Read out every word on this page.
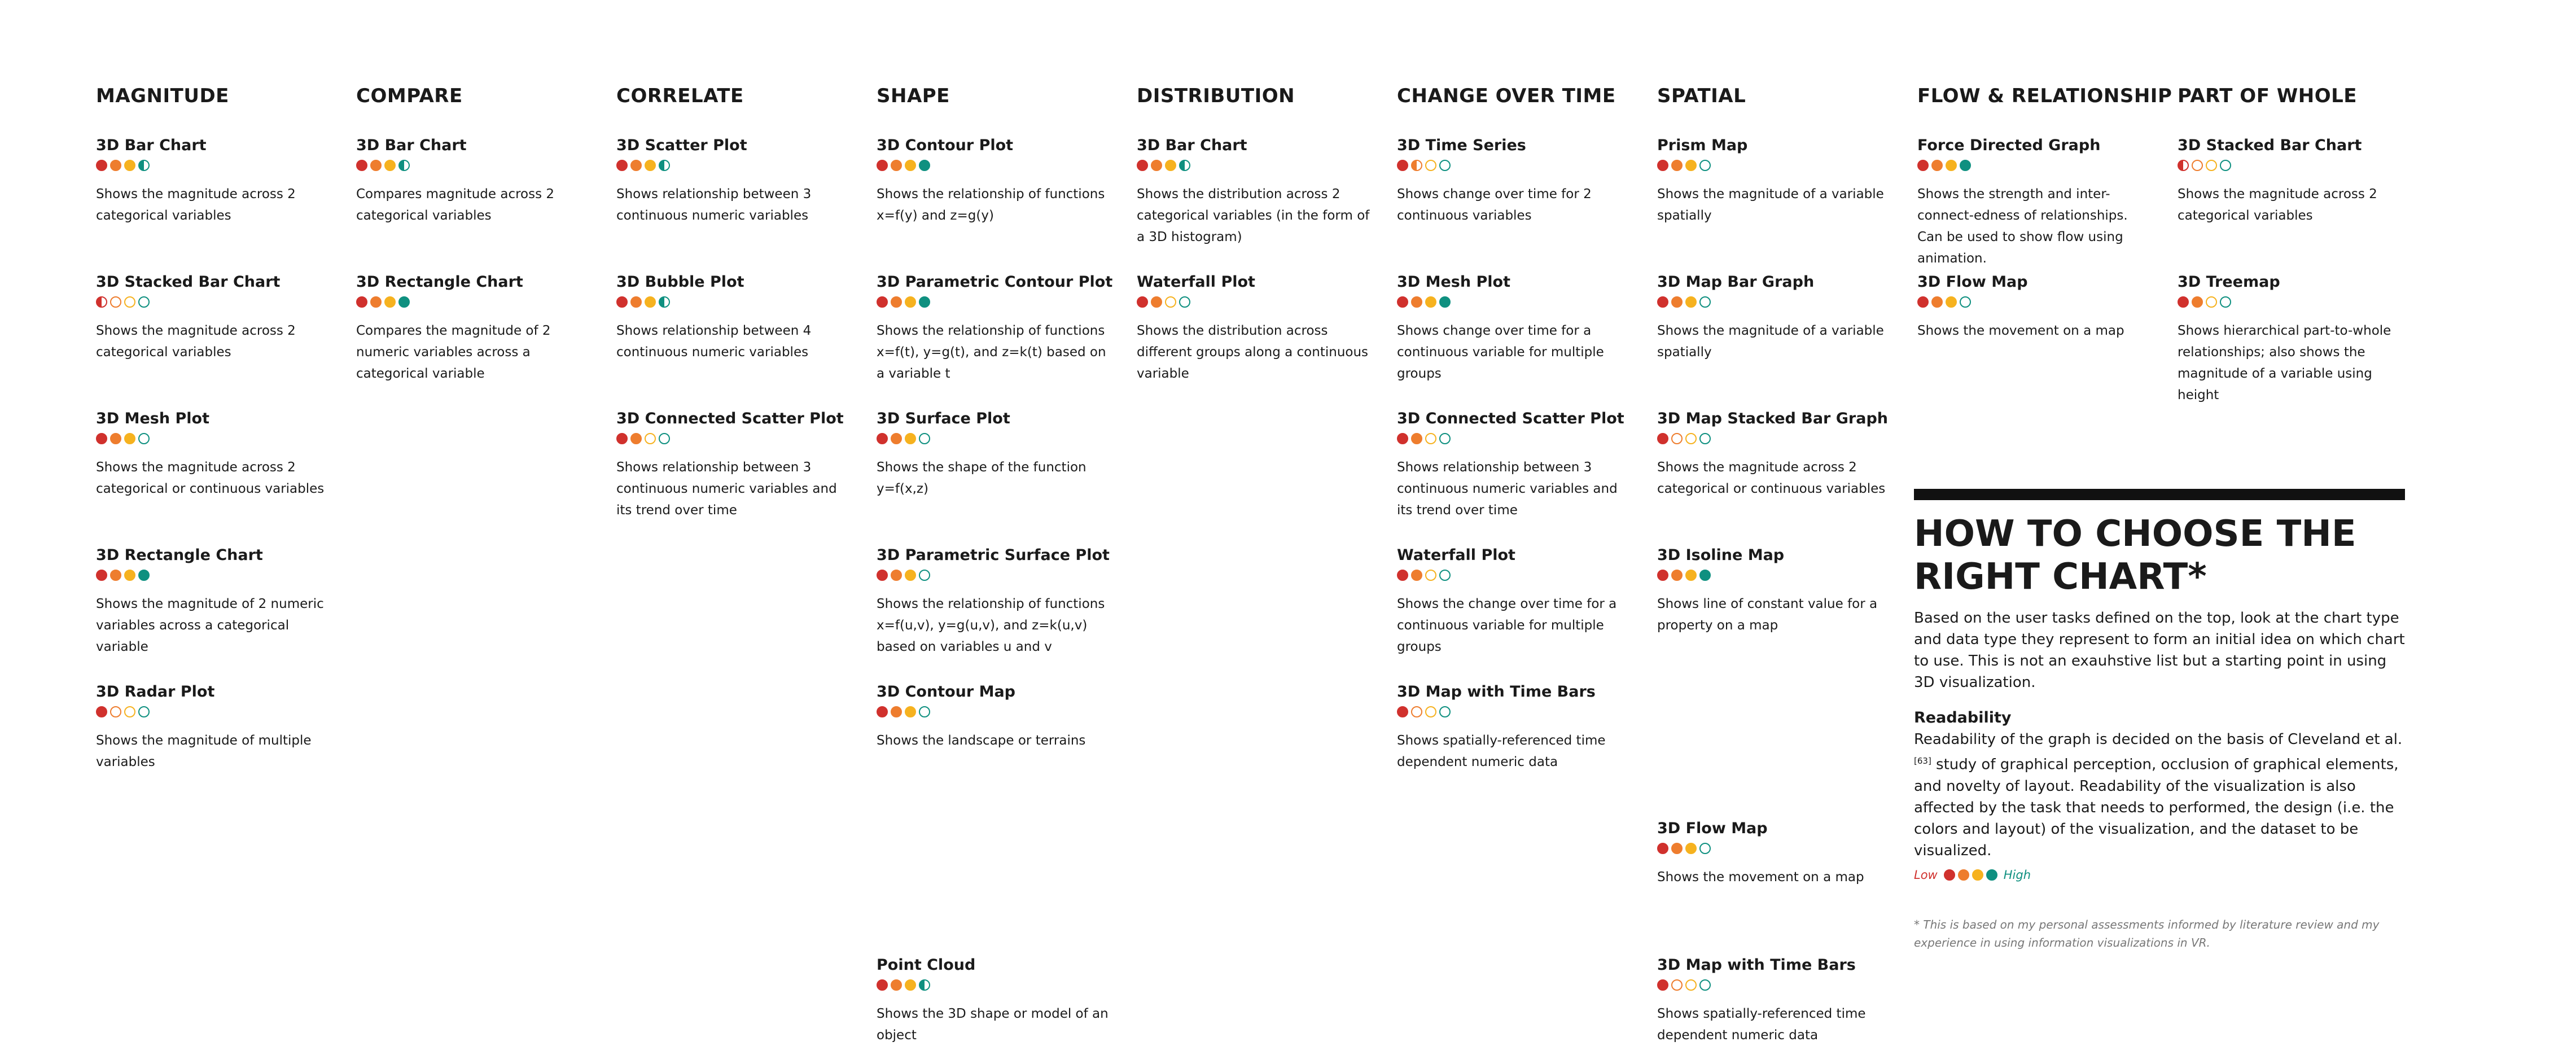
MAGNITUDE
3D Bar Chart
Shows the magnitude across 2 categorical variables
3D Stacked Bar Chart
Shows the magnitude across 2 categorical variables
3D Mesh Plot
Shows the magnitude across 2 categorical or continuous variables
3D Rectangle Chart
Shows the magnitude of 2 numeric variables across a categorical variable
3D Radar Plot
Shows the magnitude of multiple variables
COMPARE
3D Bar Chart
Compares magnitude across 2 categorical variables
3D Rectangle Chart
Compares the magnitude of 2 numeric variables across a categorical variable
CORRELATE
3D Scatter Plot
Shows relationship between 3 continuous numeric variables
3D Bubble Plot
Shows relationship between 4 continuous numeric variables
3D Connected Scatter Plot
Shows relationship between 3 continuous numeric variables and its trend over time
SHAPE
3D Contour Plot
Shows the relationship of functions x=f(y) and z=g(y)
3D Parametric Contour Plot
Shows the relationship of functions x=f(t), y=g(t), and z=k(t) based on a variable t
3D Surface Plot
Shows the shape of the function y=f(x,z)
3D Parametric Surface Plot
Shows the relationship of functions x=f(u,v), y=g(u,v), and z=k(u,v) based on variables u and v
3D Contour Map
Shows the landscape or terrains
Point Cloud
Shows the 3D shape or model of an object
DISTRIBUTION
3D Bar Chart
Shows the distribution across 2 categorical variables (in the form of a 3D histogram)
Waterfall Plot
Shows the distribution across different groups along a continuous variable
CHANGE OVER TIME
3D Time Series
Shows change over time for 2 continuous variables
3D Mesh Plot
Shows change over time for a continuous variable for multiple groups
3D Connected Scatter Plot
Shows relationship between 3 continuous numeric variables and its trend over time
Waterfall Plot
Shows the change over time for a continuous variable for multiple groups
3D Map with Time Bars
Shows spatially-referenced time dependent numeric data
SPATIAL
Prism Map
Shows the magnitude of a variable spatially
3D Map Bar Graph
Shows the magnitude of a variable spatially
3D Map Stacked Bar Graph
Shows the magnitude across 2 categorical or continuous variables
3D Isoline Map
Shows line of constant value for a property on a map
3D Flow Map
Shows the movement on a map
3D Map with Time Bars
Shows spatially-referenced time dependent numeric data
FLOW & RELATIONSHIP
Force Directed Graph
Shows the strength and inter-connect-edness of relationships. Can be used to show flow using animation.
3D Flow Map
Shows the movement on a map
PART OF WHOLE
3D Stacked Bar Chart
Shows the magnitude across 2 categorical variables
3D Treemap
Shows hierarchical part-to-whole relationships; also shows the magnitude of a variable using height
HOW TO CHOOSE THE RIGHT CHART*
Based on the user tasks defined on the top, look at the chart type and data type they represent to form an initial idea on which chart to use. This is not an exauhstive list but a starting point in using 3D visualization.
Readability
Readability of the graph is decided on the basis of Cleveland et al.[63] study of graphical perception, occlusion of graphical elements, and novelty of layout. Readability of the visualization is also affected by the task that needs to performed, the design (i.e. the colors and layout) of the visualization, and the dataset to be visualized.
Low	High
* This is based on my personal assessments informed by literature review and my experience in using information visualizations in VR.
